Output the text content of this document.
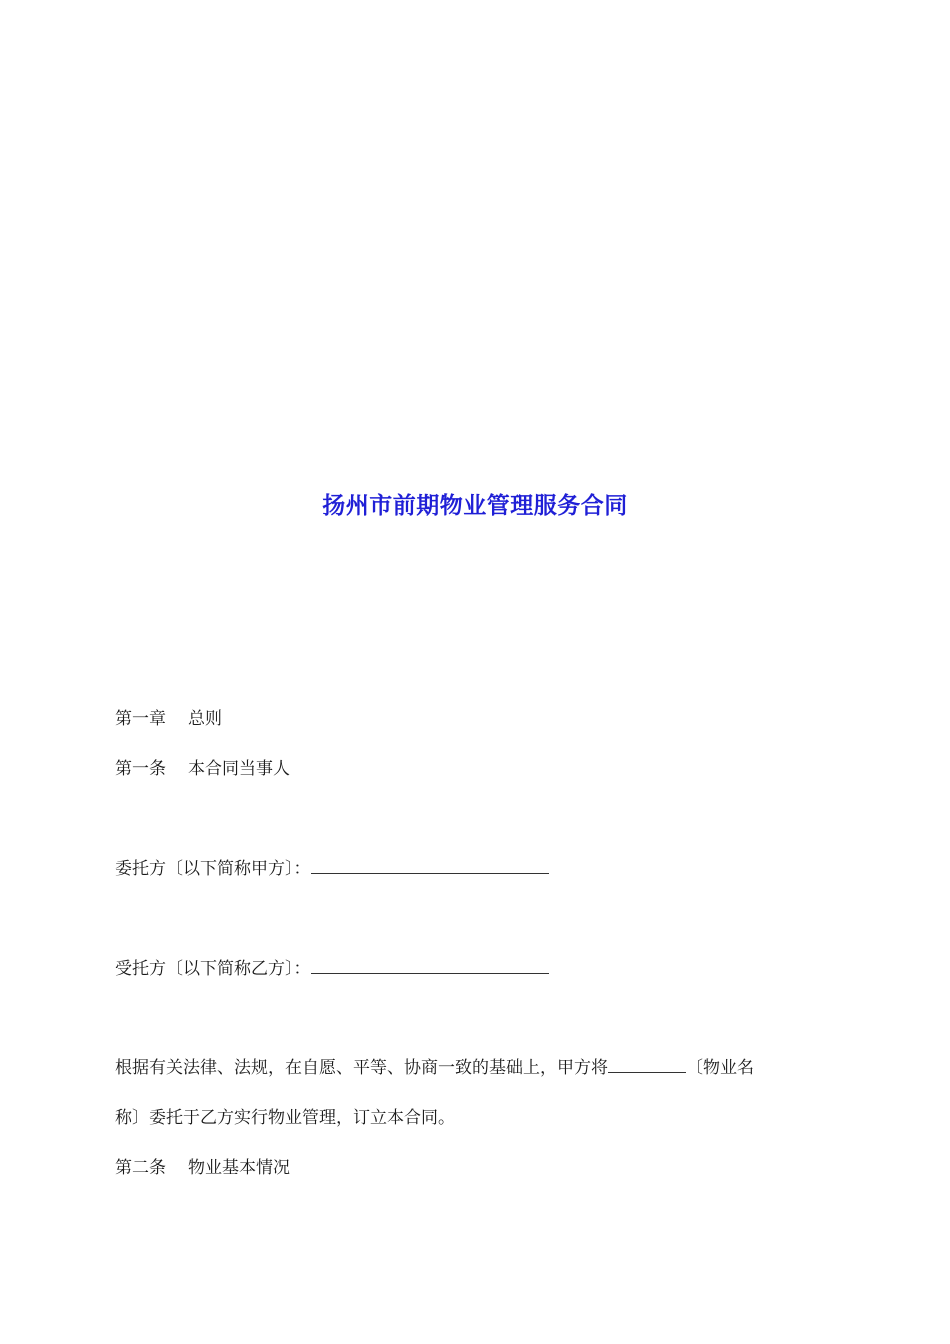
扬州市前期物业管理服务合同
第一章 总则
第一条 本合同当事人
委托方〔以下简称甲方〕：
受托方〔以下简称乙方〕：
根据有关法律、法规，在自愿、平等、协商一致的基础上，甲方将	〔物业名
称〕委托于乙方实行物业管理，订立本合同。
第二条 物业基本情况
